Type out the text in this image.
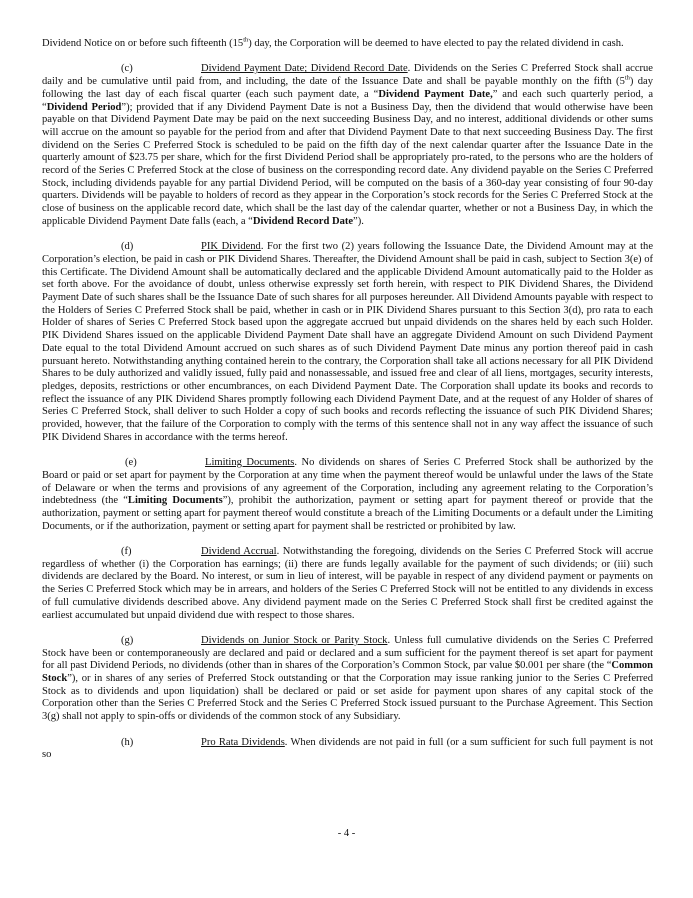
Dividend Notice on or before such fifteenth (15th) day, the Corporation will be deemed to have elected to pay the related dividend in cash.

(c)	Dividend Payment Date; Dividend Record Date. Dividends on the Series C Preferred Stock shall accrue daily and be cumulative until paid from, and including, the date of the Issuance Date and shall be payable monthly on the fifth (5th) day following the last day of each fiscal quarter (each such payment date, a “Dividend Payment Date,” and each such quarterly period, a “Dividend Period”); provided that if any Dividend Payment Date is not a Business Day, then the dividend that would otherwise have been payable on that Dividend Payment Date may be paid on the next succeeding Business Day, and no interest, additional dividends or other sums will accrue on the amount so payable for the period from and after that Dividend Payment Date to that next succeeding Business Day. The first dividend on the Series C Preferred Stock is scheduled to be paid on the fifth day of the next calendar quarter after the Issuance Date in the quarterly amount of $23.75 per share, which for the first Dividend Period shall be appropriately pro-rated, to the persons who are the holders of record of the Series C Preferred Stock at the close of business on the corresponding record date. Any dividend payable on the Series C Preferred Stock, including dividends payable for any partial Dividend Period, will be computed on the basis of a 360-day year consisting of four 90-day quarters. Dividends will be payable to holders of record as they appear in the Corporation’s stock records for the Series C Preferred Stock at the close of business on the applicable record date, which shall be the last day of the calendar quarter, whether or not a Business Day, in which the applicable Dividend Payment Date falls (each, a “Dividend Record Date”).

(d)	PIK Dividend. For the first two (2) years following the Issuance Date, the Dividend Amount may at the Corporation’s election, be paid in cash or PIK Dividend Shares. Thereafter, the Dividend Amount shall be paid in cash, subject to Section 3(e) of this Certificate. The Dividend Amount shall be automatically declared and the applicable Dividend Amount automatically paid to the Holder as set forth above. For the avoidance of doubt, unless otherwise expressly set forth herein, with respect to PIK Dividend Shares, the Dividend Payment Date of such shares shall be the Issuance Date of such shares for all purposes hereunder. All Dividend Amounts payable with respect to the Holders of Series C Preferred Stock shall be paid, whether in cash or in PIK Dividend Shares pursuant to this Section 3(d), pro rata to each Holder of shares of Series C Preferred Stock based upon the aggregate accrued but unpaid dividends on the shares held by each such Holder. PIK Dividend Shares issued on the applicable Dividend Payment Date shall have an aggregate Dividend Amount on such Dividend Payment Date equal to the total Dividend Amount accrued on such shares as of such Dividend Payment Date minus any portion thereof paid in cash pursuant hereto. Notwithstanding anything contained herein to the contrary, the Corporation shall take all actions necessary for all PIK Dividend Shares to be duly authorized and validly issued, fully paid and nonassessable, and issued free and clear of all liens, mortgages, security interests, pledges, deposits, restrictions or other encumbrances, on each Dividend Payment Date. The Corporation shall update its books and records to reflect the issuance of any PIK Dividend Shares promptly following each Dividend Payment Date, and at the request of any Holder of shares of Series C Preferred Stock, shall deliver to such Holder a copy of such books and records reflecting the issuance of such PIK Dividend Shares; provided, however, that the failure of the Corporation to comply with the terms of this sentence shall not in any way affect the issuance of such PIK Dividend Shares in accordance with the terms hereof.

(e)	Limiting Documents. No dividends on shares of Series C Preferred Stock shall be authorized by the Board or paid or set apart for payment by the Corporation at any time when the payment thereof would be unlawful under the laws of the State of Delaware or when the terms and provisions of any agreement of the Corporation, including any agreement relating to the Corporation’s indebtedness (the “Limiting Documents”), prohibit the authorization, payment or setting apart for payment thereof or provide that the authorization, payment or setting apart for payment thereof would constitute a breach of the Limiting Documents or a default under the Limiting Documents, or if the authorization, payment or setting apart for payment shall be restricted or prohibited by law.

(f)	Dividend Accrual. Notwithstanding the foregoing, dividends on the Series C Preferred Stock will accrue regardless of whether (i) the Corporation has earnings; (ii) there are funds legally available for the payment of such dividends; or (iii) such dividends are declared by the Board. No interest, or sum in lieu of interest, will be payable in respect of any dividend payment or payments on the Series C Preferred Stock which may be in arrears, and holders of the Series C Preferred Stock will not be entitled to any dividends in excess of full cumulative dividends described above. Any dividend payment made on the Series C Preferred Stock shall first be credited against the earliest accumulated but unpaid dividend due with respect to those shares.

(g)	Dividends on Junior Stock or Parity Stock. Unless full cumulative dividends on the Series C Preferred Stock have been or contemporaneously are declared and paid or declared and a sum sufficient for the payment thereof is set apart for payment for all past Dividend Periods, no dividends (other than in shares of the Corporation’s Common Stock, par value $0.001 per share (the “Common Stock”), or in shares of any series of Preferred Stock outstanding or that the Corporation may issue ranking junior to the Series C Preferred Stock as to dividends and upon liquidation) shall be declared or paid or set aside for payment upon shares of any capital stock of the Corporation other than the Series C Preferred Stock and the Series C Preferred Stock issued pursuant to the Purchase Agreement. This Section 3(g) shall not apply to spin-offs or dividends of the common stock of any Subsidiary.

(h)	Pro Rata Dividends. When dividends are not paid in full (or a sum sufficient for such full payment is not so

- 4 -
